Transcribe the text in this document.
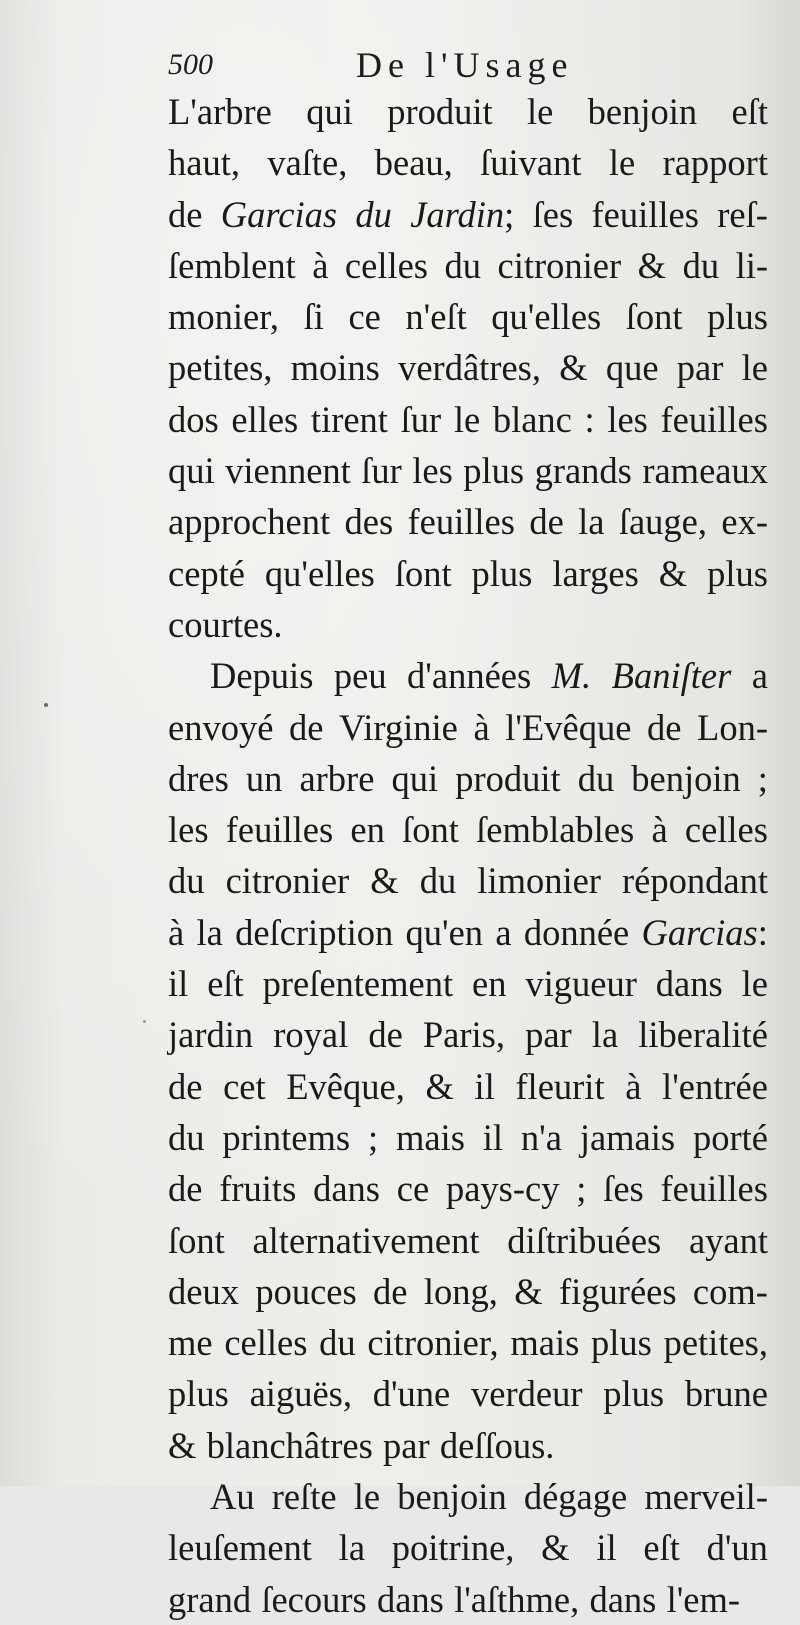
500	De l'Usage
L'arbre qui produit le benjoin eſt
haut, vaſte, beau, ſuivant le rapport
de Garcias du Jardin; ſes feuilles reſ-
ſemblent à celles du citronier & du li-
monier, ſi ce n'eſt qu'elles ſont plus
petites, moins verdâtres, & que par le
dos elles tirent ſur le blanc : les feuilles
qui viennent ſur les plus grands rameaux
approchent des feuilles de la ſauge, ex-
cepté qu'elles ſont plus larges & plus
courtes.
Depuis peu d'années M. Baniſter a
envoyé de Virginie à l'Evêque de Lon-
dres un arbre qui produit du benjoin ;
les feuilles en ſont ſemblables à celles
du citronier & du limonier répondant
à la deſcription qu'en a donnée Garcias:
il eſt preſentement en vigueur dans le
jardin royal de Paris, par la liberalité
de cet Evêque, & il fleurit à l'entrée
du printems ; mais il n'a jamais porté
de fruits dans ce pays-cy ; ſes feuilles
ſont alternativement diſtribuées ayant
deux pouces de long, & figurées com-
me celles du citronier, mais plus petites,
plus aiguës, d'une verdeur plus brune
& blanchâtres par deſſous.
Au reſte le benjoin dégage merveil-
leuſement la poitrine, & il eſt d'un
grand ſecours dans l'aſthme, dans l'em-
